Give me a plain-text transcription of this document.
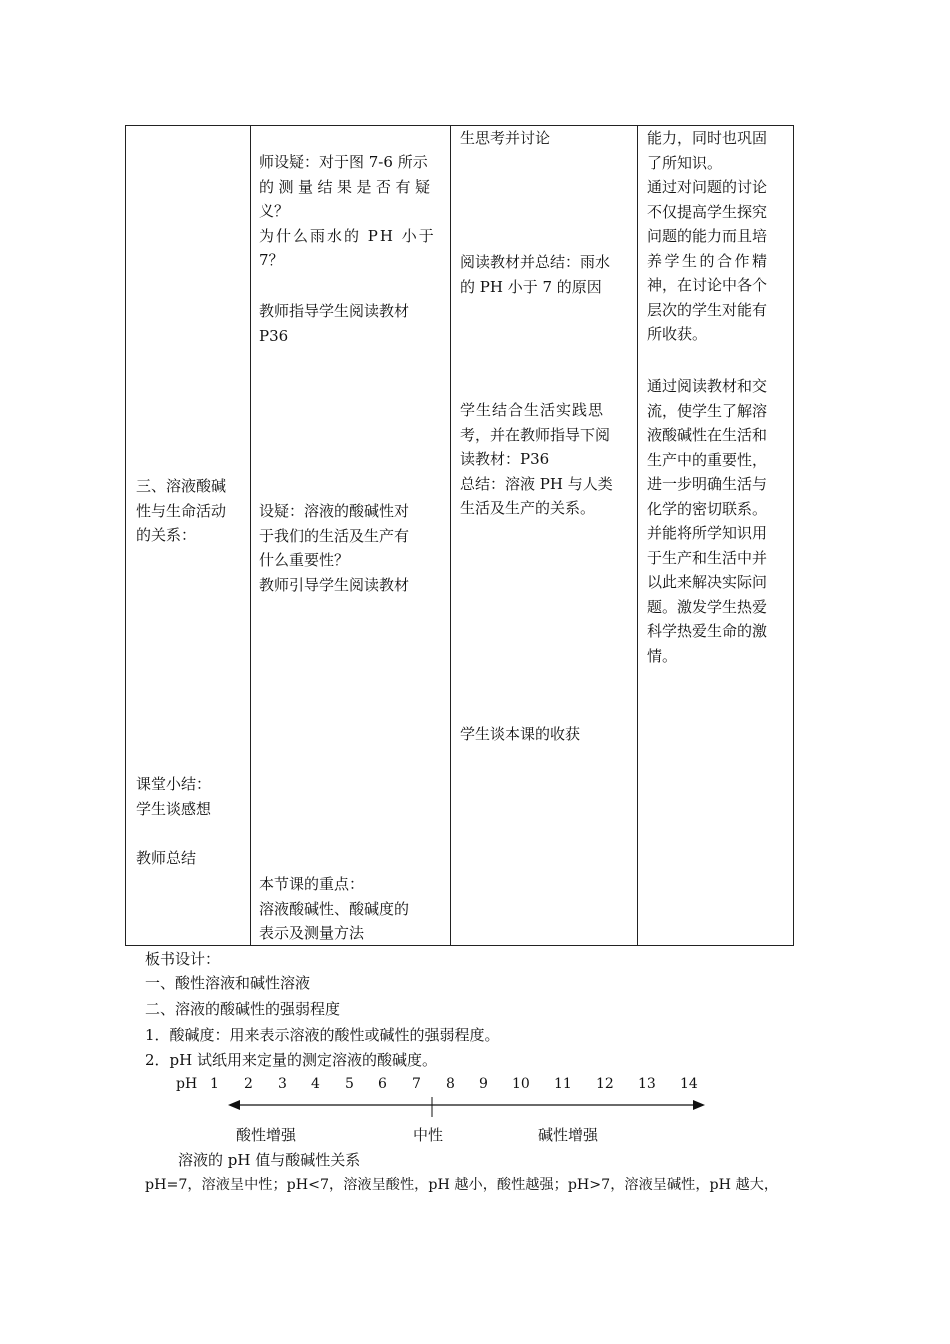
三、溶液酸碱
性与生命活动
的关系：
课堂小结：
学生谈感想
教师总结
师设疑：对于图 7-6 所示
的测量结果是否有疑
义？
为什么雨水的 PH 小于
7？
教师指导学生阅读教材
P36
设疑：溶液的酸碱性对
于我们的生活及生产有
什么重要性？
教师引导学生阅读教材
本节课的重点：
溶液酸碱性、酸碱度的
表示及测量方法
生思考并讨论
阅读教材并总结：雨水
的 PH 小于 7 的原因
学生结合生活实践思
考，并在教师指导下阅
读教材：P36
总结：溶液 PH 与人类
生活及生产的关系。
学生谈本课的收获
能力，同时也巩固
了所知识。
通过对问题的讨论
不仅提高学生探究
问题的能力而且培
养学生的合作精
神，在讨论中各个
层次的学生对能有
所收获。
通过阅读教材和交
流，使学生了解溶
液酸碱性在生活和
生产中的重要性，
进一步明确生活与
化学的密切联系。
并能将所学知识用
于生产和生活中并
以此来解决实际问
题。激发学生热爱
科学热爱生命的激
情。
板书设计：
一、酸性溶液和碱性溶液
二、溶液的酸碱性的强弱程度
1．酸碱度：用来表示溶液的酸性或碱性的强弱程度。
2．pH 试纸用来定量的测定溶液的酸碱度。
pH 1 2 3 4 5 6 7 8 9 10 11 12 13 14
酸性增强	中性	碱性增强
溶液的 pH 值与酸碱性关系
pH=7，溶液呈中性；pH<7，溶液呈酸性，pH 越小，酸性越强；pH>7，溶液呈碱性，pH 越大，
